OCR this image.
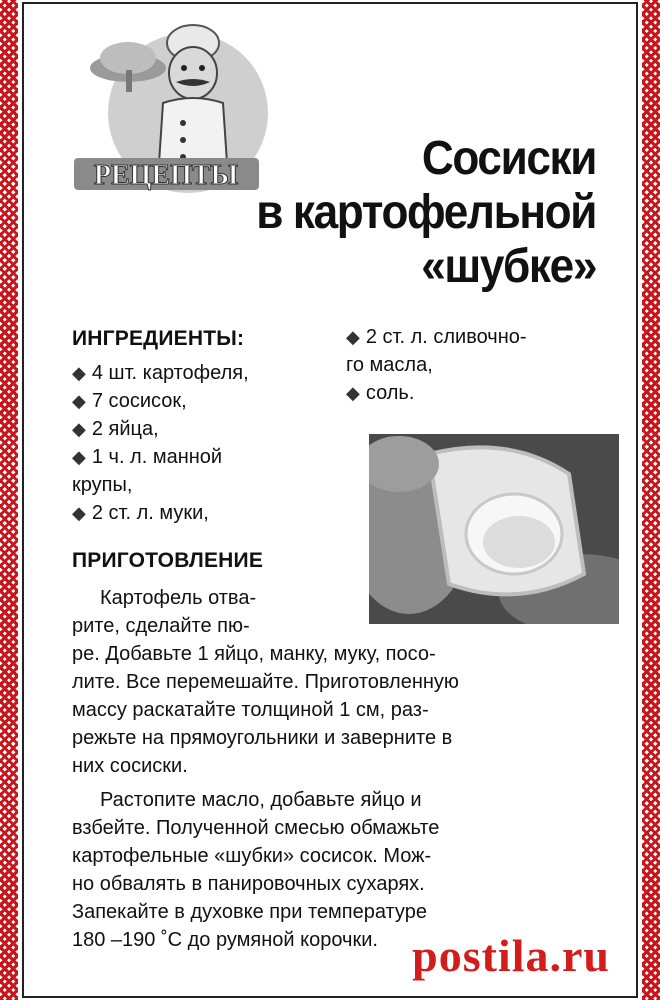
РЕЦЕПТЫ	Сосиски
в картофельной
«шубке»
ИНГРЕДИЕНТЫ:
◆ 4 шт. картофеля,
◆ 7 сосисок,
◆ 2 яйца,
◆ 1 ч. л. манной
крупы,
◆ 2 ст. л. муки,
◆ 2 ст. л. сливочно-
го масла,
◆ соль.
ПРИГОТОВЛЕНИЕ
Картофель отва-
рите, сделайте пю-
ре. Добавьте 1 яйцо, манку, муку, посо-
лите. Все перемешайте. Приготовленную
массу раскатайте толщиной 1 см, раз-
режьте на прямоугольники и заверните в
них сосиски.
Растопите масло, добавьте яйцо и
взбейте. Полученной смесью обмажьте
картофельные «шубки» сосисок. Мож-
но обвалять в панировочных сухарях.
Запекайте в духовке при температуре
180 –190 ˚С до румяной корочки. postila.ru
